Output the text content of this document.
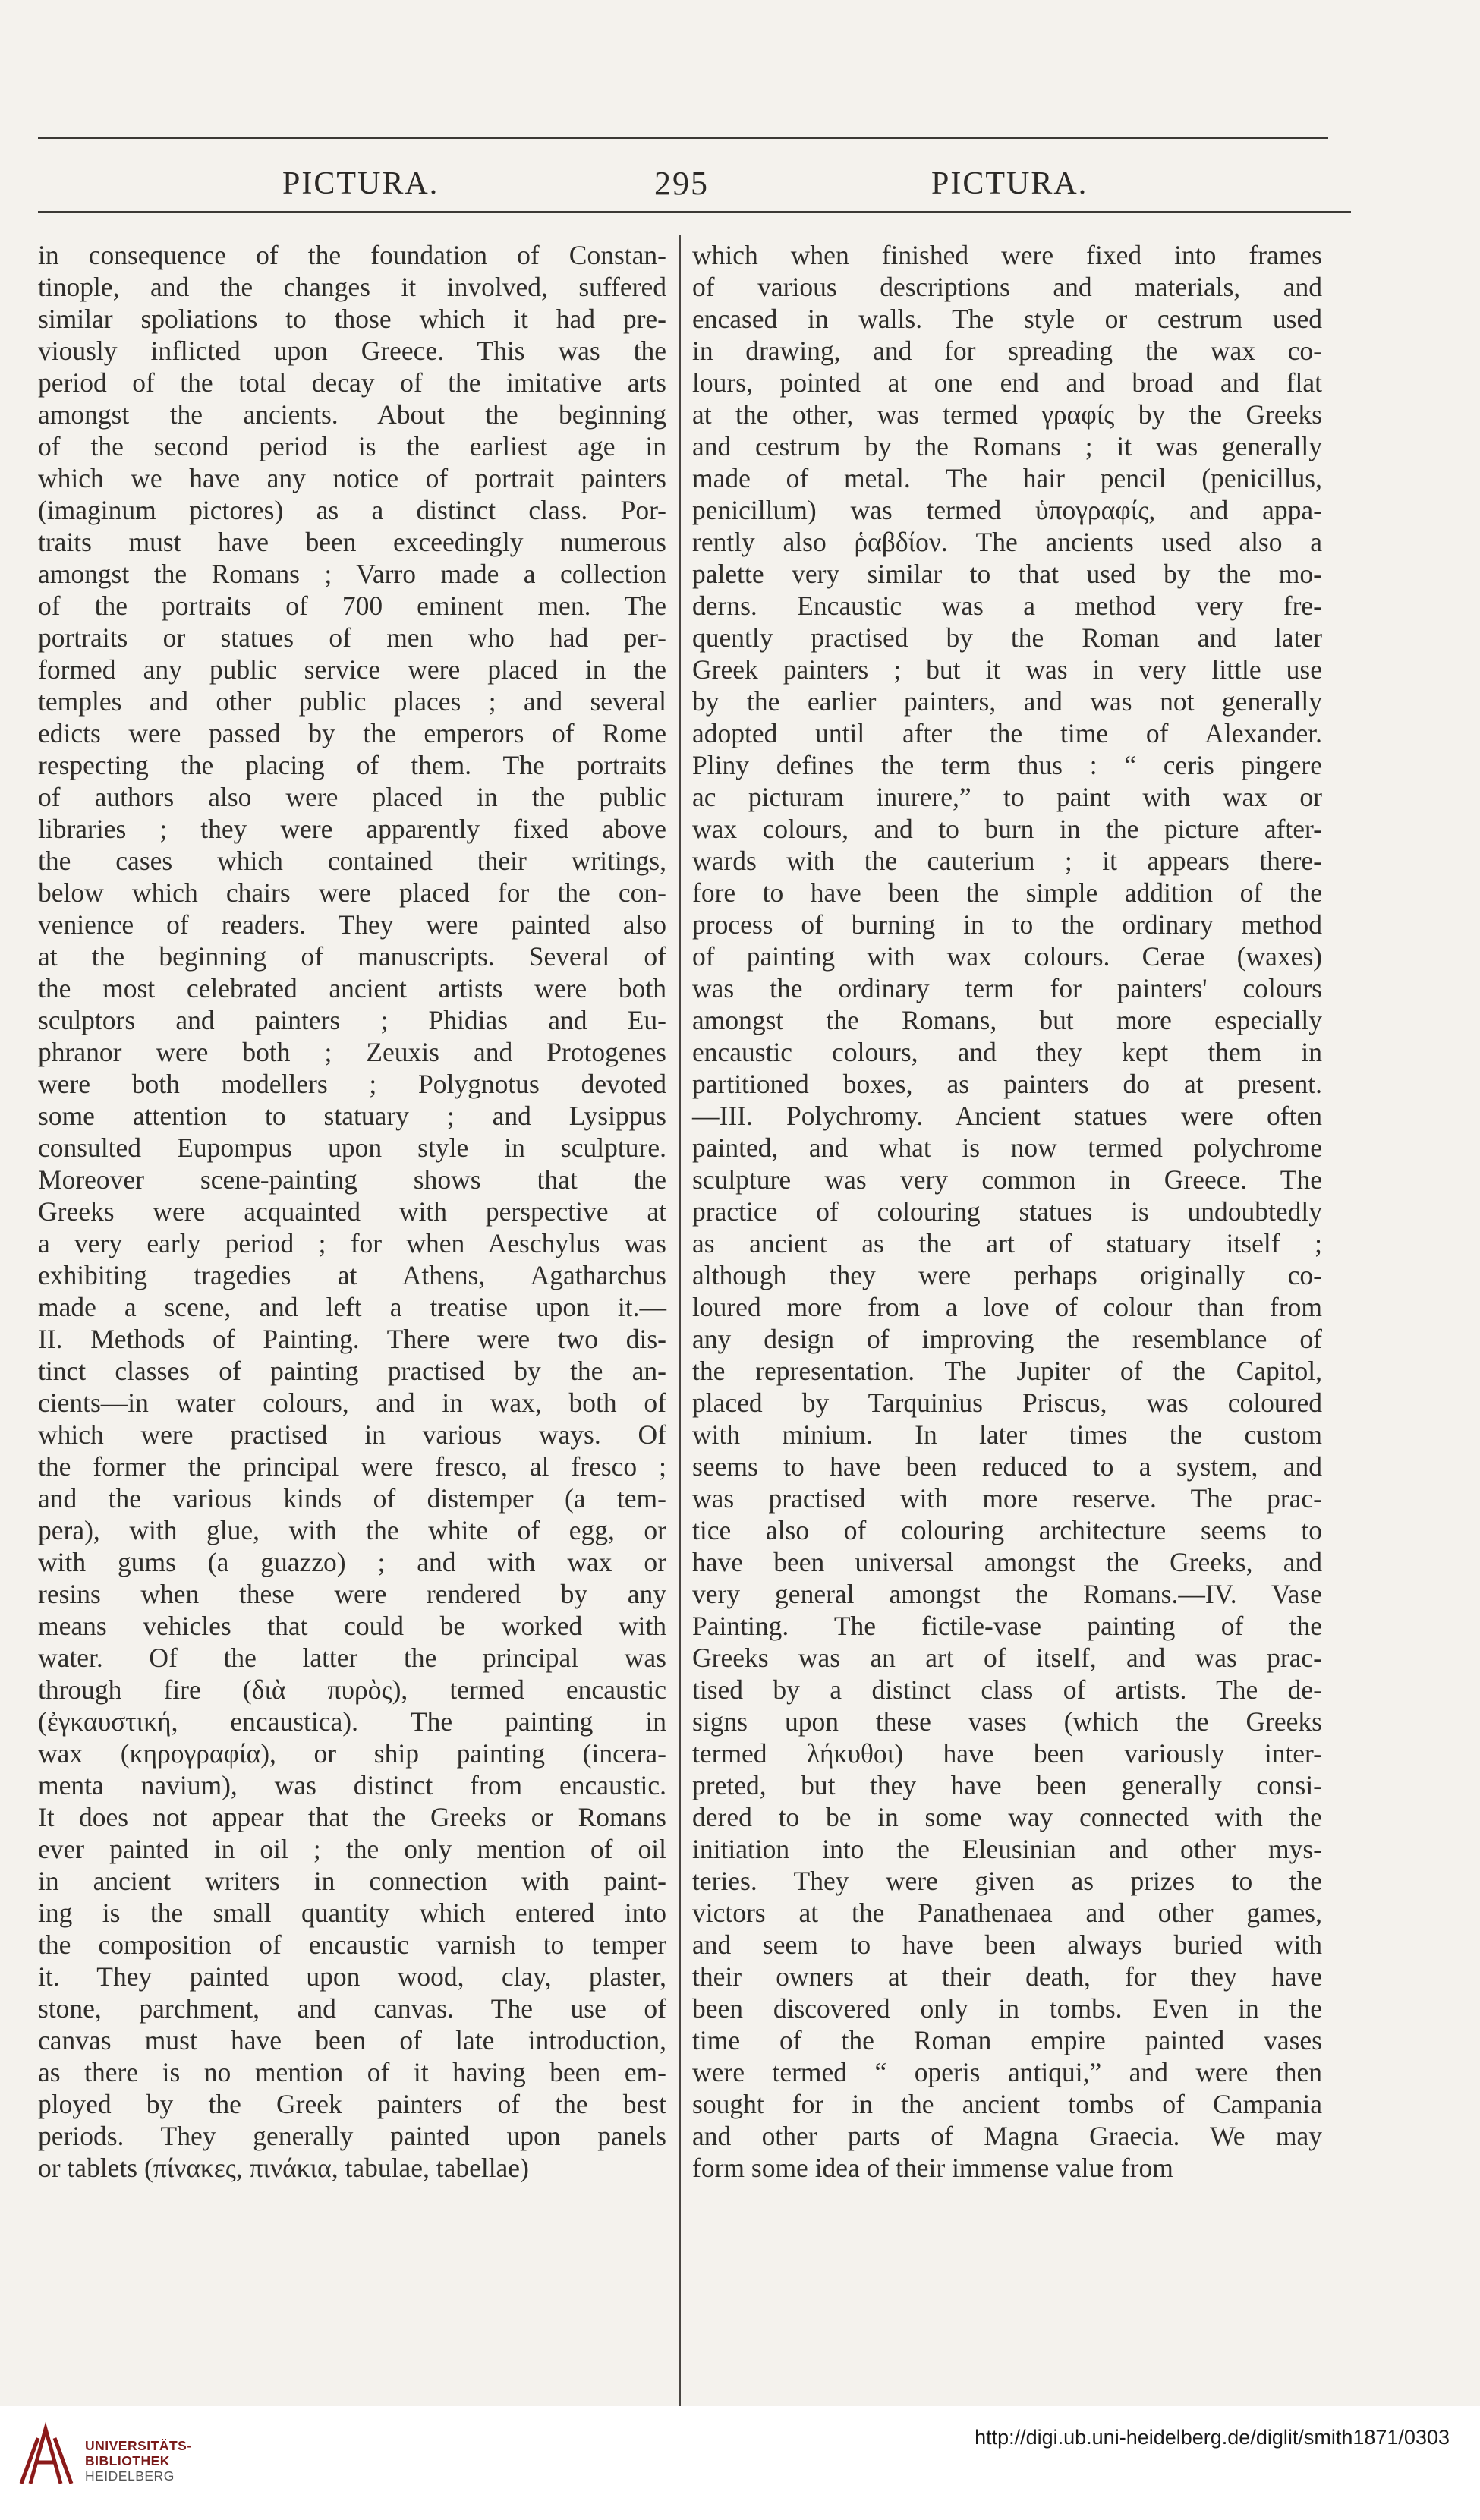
PICTURA.	295	PICTURA.
in consequence of the foundation of Constan-
tinople, and the changes it involved, suffered
similar spoliations to those which it had pre-
viously inflicted upon Greece. This was the
period of the total decay of the imitative arts
amongst the ancients. About the beginning
of the second period is the earliest age in
which we have any notice of portrait painters
(imaginum pictores) as a distinct class. Por-
traits must have been exceedingly numerous
amongst the Romans ; Varro made a collection
of the portraits of 700 eminent men. The
portraits or statues of men who had per-
formed any public service were placed in the
temples and other public places ; and several
edicts were passed by the emperors of Rome
respecting the placing of them. The portraits
of authors also were placed in the public
libraries ; they were apparently fixed above
the cases which contained their writings,
below which chairs were placed for the con-
venience of readers. They were painted also
at the beginning of manuscripts. Several of
the most celebrated ancient artists were both
sculptors and painters ; Phidias and Eu-
phranor were both ; Zeuxis and Protogenes
were both modellers ; Polygnotus devoted
some attention to statuary ; and Lysippus
consulted Eupompus upon style in sculpture.
Moreover scene-painting shows that the
Greeks were acquainted with perspective at
a very early period ; for when Aeschylus was
exhibiting tragedies at Athens, Agatharchus
made a scene, and left a treatise upon it.—
II. Methods of Painting. There were two dis-
tinct classes of painting practised by the an-
cients—in water colours, and in wax, both of
which were practised in various ways. Of
the former the principal were fresco, al fresco ;
and the various kinds of distemper (a tem-
pera), with glue, with the white of egg, or
with gums (a guazzo) ; and with wax or
resins when these were rendered by any
means vehicles that could be worked with
water. Of the latter the principal was
through fire (διὰ πυρὸς), termed encaustic
(ἐγκαυστική, encaustica). The painting in
wax (κηρογραφία), or ship painting (incera-
menta navium), was distinct from encaustic.
It does not appear that the Greeks or Romans
ever painted in oil ; the only mention of oil
in ancient writers in connection with paint-
ing is the small quantity which entered into
the composition of encaustic varnish to temper
it. They painted upon wood, clay, plaster,
stone, parchment, and canvas. The use of
canvas must have been of late introduction,
as there is no mention of it having been em-
ployed by the Greek painters of the best
periods. They generally painted upon panels
or tablets (πίνακες, πινάκια, tabulae, tabellae)
which when finished were fixed into frames
of various descriptions and materials, and
encased in walls. The style or cestrum used
in drawing, and for spreading the wax co-
lours, pointed at one end and broad and flat
at the other, was termed γραφίς by the Greeks
and cestrum by the Romans ; it was generally
made of metal. The hair pencil (penicillus,
penicillum) was termed ὑπογραφίς, and appa-
rently also ῥαβδίον. The ancients used also a
palette very similar to that used by the mo-
derns. Encaustic was a method very fre-
quently practised by the Roman and later
Greek painters ; but it was in very little use
by the earlier painters, and was not generally
adopted until after the time of Alexander.
Pliny defines the term thus : “ ceris pingere
ac picturam inurere,” to paint with wax or
wax colours, and to burn in the picture after-
wards with the cauterium ; it appears there-
fore to have been the simple addition of the
process of burning in to the ordinary method
of painting with wax colours. Cerae (waxes)
was the ordinary term for painters' colours
amongst the Romans, but more especially
encaustic colours, and they kept them in
partitioned boxes, as painters do at present.
—III. Polychromy. Ancient statues were often
painted, and what is now termed polychrome
sculpture was very common in Greece. The
practice of colouring statues is undoubtedly
as ancient as the art of statuary itself ;
although they were perhaps originally co-
loured more from a love of colour than from
any design of improving the resemblance of
the representation. The Jupiter of the Capitol,
placed by Tarquinius Priscus, was coloured
with minium. In later times the custom
seems to have been reduced to a system, and
was practised with more reserve. The prac-
tice also of colouring architecture seems to
have been universal amongst the Greeks, and
very general amongst the Romans.—IV. Vase
Painting. The fictile-vase painting of the
Greeks was an art of itself, and was prac-
tised by a distinct class of artists. The de-
signs upon these vases (which the Greeks
termed λήκυθοι) have been variously inter-
preted, but they have been generally consi-
dered to be in some way connected with the
initiation into the Eleusinian and other mys-
teries. They were given as prizes to the
victors at the Panathenaea and other games,
and seem to have been always buried with
their owners at their death, for they have
been discovered only in tombs. Even in the
time of the Roman empire painted vases
were termed “ operis antiqui,” and were then
sought for in the ancient tombs of Campania
and other parts of Magna Graecia. We may
form some idea of their immense value from
UNIVERSITÄTS-
BIBLIOTHEK
HEIDELBERG
http://digi.ub.uni-heidelberg.de/diglit/smith1871/0303
